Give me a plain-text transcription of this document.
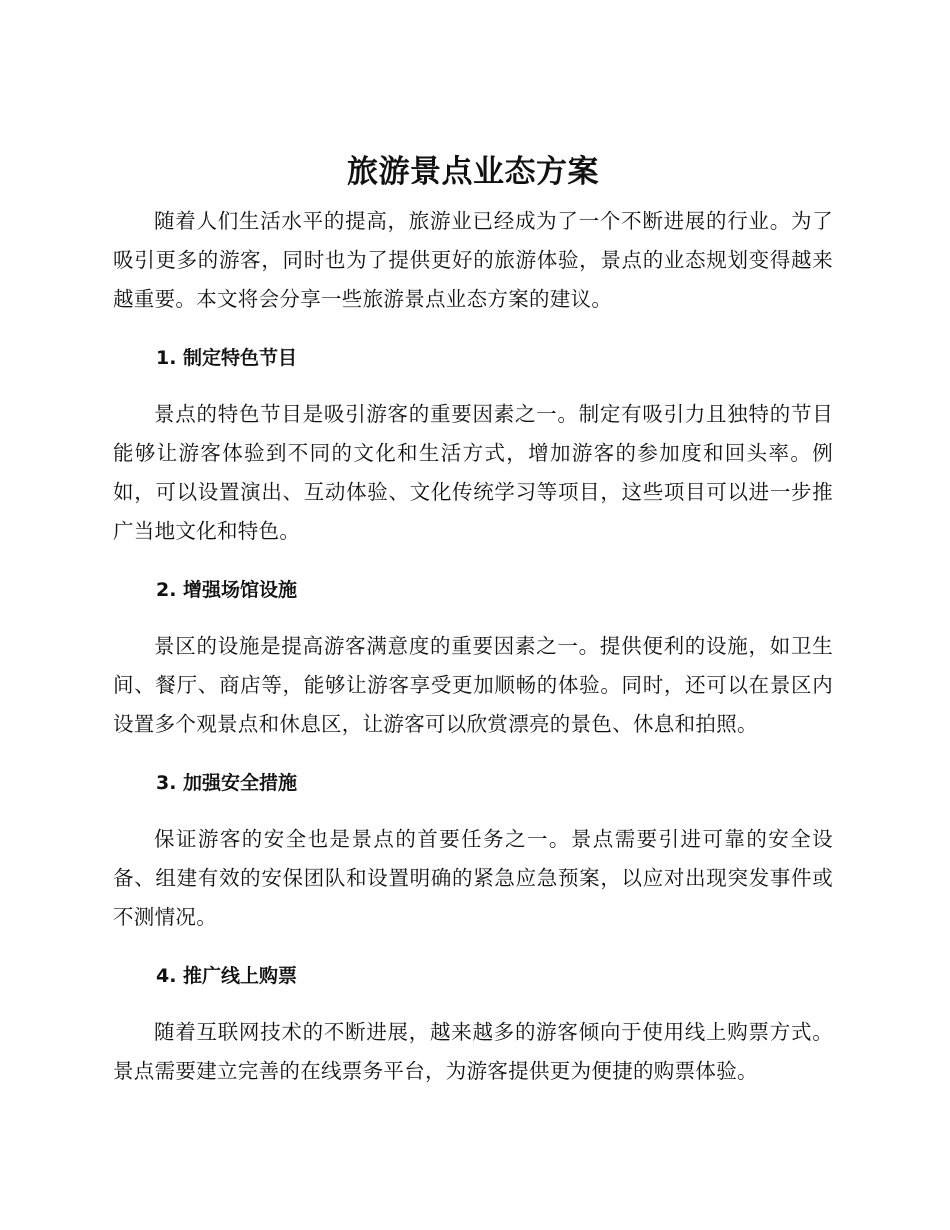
旅游景点业态方案

随着人们生活水平的提高，旅游业已经成为了一个不断进展的行业。为了吸引更多的游客，同时也为了提供更好的旅游体验，景点的业态规划变得越来越重要。本文将会分享一些旅游景点业态方案的建议。

1. 制定特色节目

景点的特色节目是吸引游客的重要因素之一。制定有吸引力且独特的节目能够让游客体验到不同的文化和生活方式，增加游客的参加度和回头率。例如，可以设置演出、互动体验、文化传统学习等项目，这些项目可以进一步推广当地文化和特色。

2. 增强场馆设施

景区的设施是提高游客满意度的重要因素之一。提供便利的设施，如卫生间、餐厅、商店等，能够让游客享受更加顺畅的体验。同时，还可以在景区内设置多个观景点和休息区，让游客可以欣赏漂亮的景色、休息和拍照。

3. 加强安全措施

保证游客的安全也是景点的首要任务之一。景点需要引进可靠的安全设备、组建有效的安保团队和设置明确的紧急应急预案，以应对出现突发事件或不测情况。

4. 推广线上购票

随着互联网技术的不断进展，越来越多的游客倾向于使用线上购票方式。景点需要建立完善的在线票务平台，为游客提供更为便捷的购票体验。
